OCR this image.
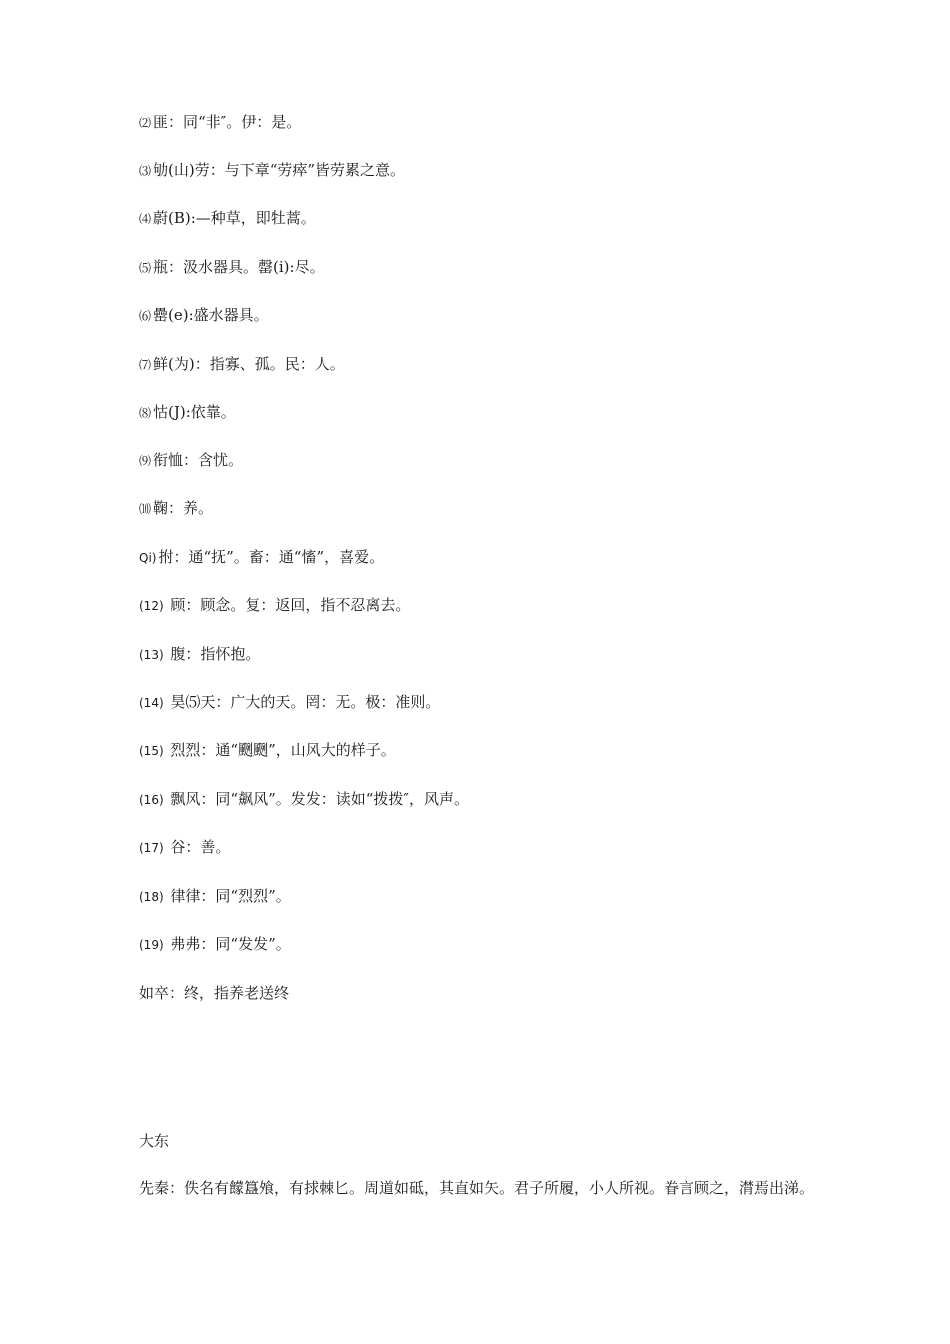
⑵ 匪：同“非″。伊：是。
⑶ 劬(山)劳：与下章“劳瘁”皆劳累之意。
⑷ 蔚(B):—种草，即牡蒿。
⑸ 瓶：汲水器具。罄(i):尽。
⑹ 罍(e):盛水器具。
⑺ 鲜(为)：指寡、孤。民：人。
⑻ 怙(J):依靠。
⑼ 衔恤：含忧。
⑽ 鞠：养。
Qi) 拊：通“抚”。畜：通“慉”，喜爱。
(12) 顾：顾念。复：返回，指不忍离去。
(13) 腹：指怀抱。
(14) 昊⑸天：广大的天。罔：无。极：准则。
(15) 烈烈：通“颲颲”，山风大的样子。
(16) 飘风：同“飙风”。发发：读如“拨拨″，风声。
(17) 谷：善。
(18) 律律：同“烈烈”。
(19) 弗弗：同“发发”。
如卒：终，指养老送终
大东
先秦：佚名有饛簋飧，有捄棘匕。周道如砥，其直如矢。君子所履，小人所视。眷言顾之，潸焉出涕。
